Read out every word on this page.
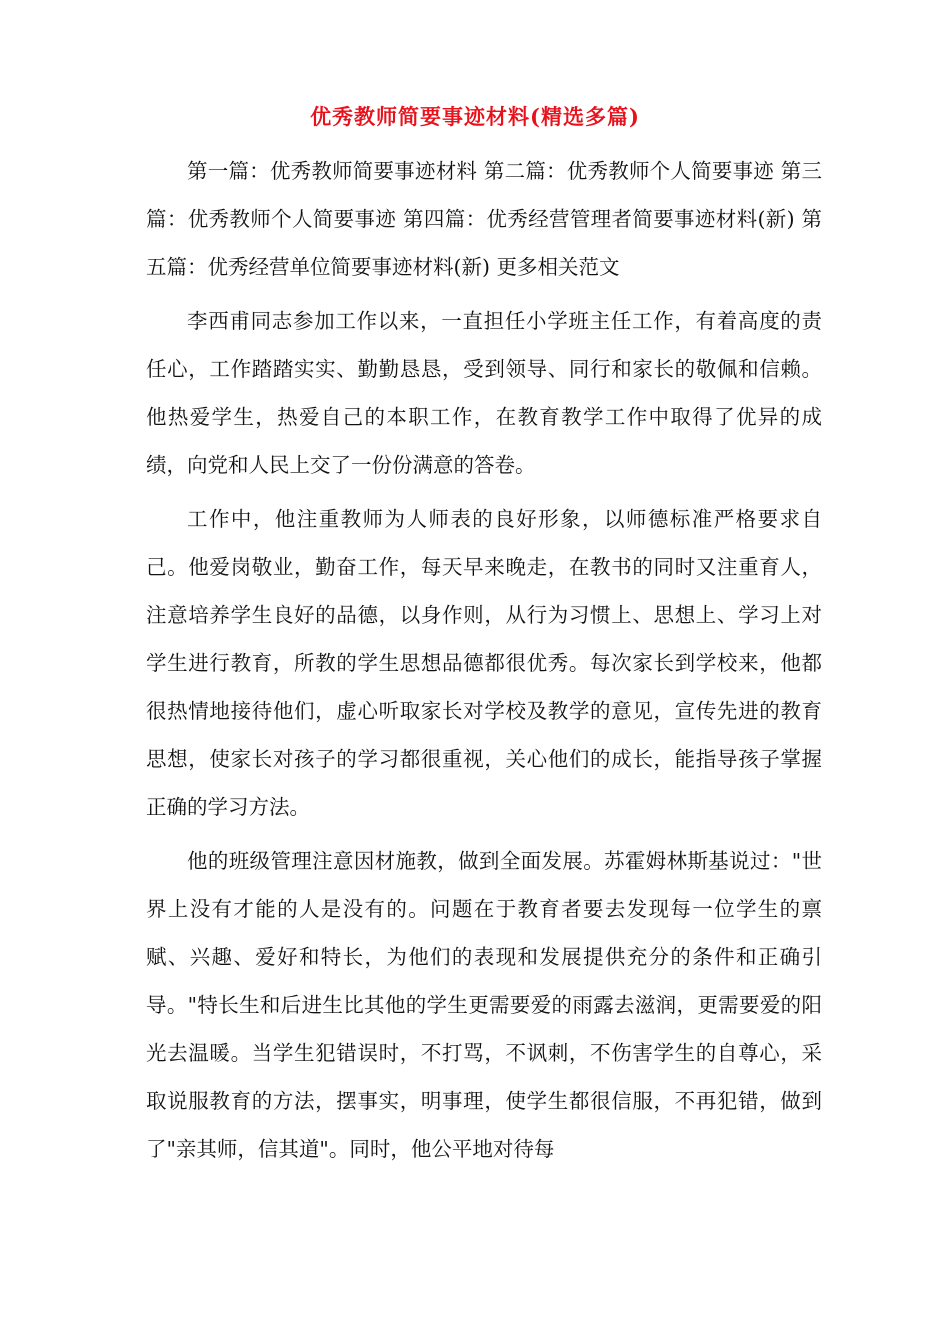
优秀教师简要事迹材料(精选多篇)

第一篇：优秀教师简要事迹材料 第二篇：优秀教师个人简要事迹 第三篇：优秀教师个人简要事迹 第四篇：优秀经营管理者简要事迹材料(新) 第五篇：优秀经营单位简要事迹材料(新) 更多相关范文

李西甫同志参加工作以来，一直担任小学班主任工作，有着高度的责任心，工作踏踏实实、勤勤恳恳，受到领导、同行和家长的敬佩和信赖。他热爱学生，热爱自己的本职工作，在教育教学工作中取得了优异的成绩，向党和人民上交了一份份满意的答卷。

工作中，他注重教师为人师表的良好形象，以师德标准严格要求自己。他爱岗敬业，勤奋工作，每天早来晚走，在教书的同时又注重育人，注意培养学生良好的品德，以身作则，从行为习惯上、思想上、学习上对学生进行教育，所教的学生思想品德都很优秀。每次家长到学校来，他都很热情地接待他们，虚心听取家长对学校及教学的意见，宣传先进的教育思想，使家长对孩子的学习都很重视，关心他们的成长，能指导孩子掌握正确的学习方法。

他的班级管理注意因材施教，做到全面发展。苏霍姆林斯基说过："世界上没有才能的人是没有的。问题在于教育者要去发现每一位学生的禀赋、兴趣、爱好和特长，为他们的表现和发展提供充分的条件和正确引导。"特长生和后进生比其他的学生更需要爱的雨露去滋润，更需要爱的阳光去温暖。当学生犯错误时，不打骂，不讽刺，不伤害学生的自尊心，采取说服教育的方法，摆事实，明事理，使学生都很信服，不再犯错，做到了"亲其师，信其道"。同时，他公平地对待每
